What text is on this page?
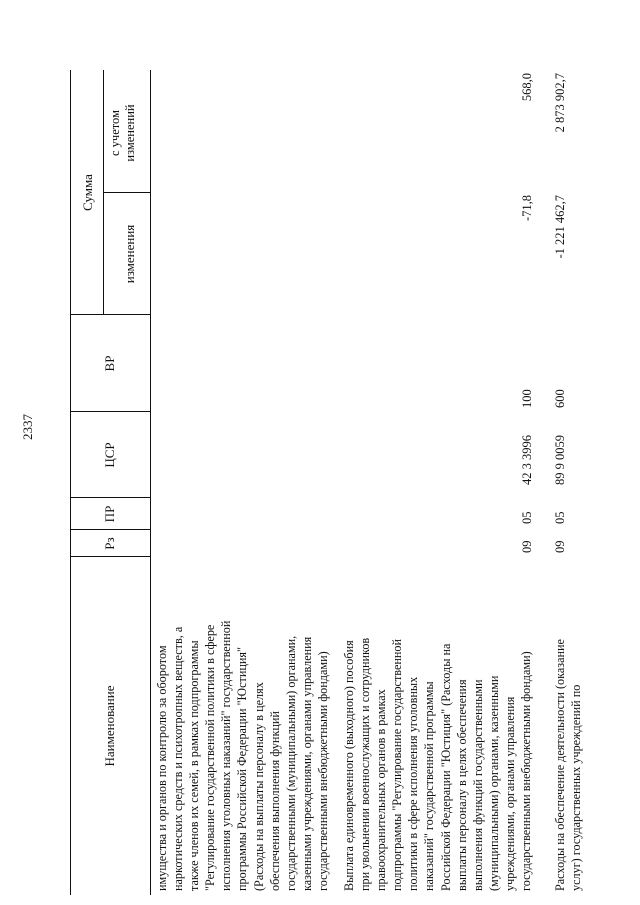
2337
Наименование
Рз
ПР
ЦСР
ВР
Сумма
изменения
с учетом изменений
имущества и органов по контролю за оборотом наркотических средств и психотропных веществ, а также членов их семей, в рамках подпрограммы "Регулирование государственной политики в сфере исполнения уголовных наказаний" государственной программы Российской Федерации "Юстиция" (Расходы на выплаты персоналу в целях обеспечения выполнения функций государственными (муниципальными) органами, казенными учреждениями, органами управления государственными внебюджетными фондами) Выплата единовременного (выходного) пособия при увольнении военнослужащих и сотрудников правоохранительных органов в рамках подпрограммы "Регулирование государственной политики в сфере исполнения уголовных наказаний" государственной программы Российской Федерации "Юстиция" (Расходы на выплаты персоналу в целях обеспечения выполнения функций государственными (муниципальными) органами, казенными учреждениями, органами управления государственными внебюджетными фондами)
09
05
42 3 3996
100
-71,8
568,0
Расходы на обеспечение деятельности (оказание услуг) государственных учреждений по
09
05
89 9 0059
600
-1 221 462,7
2 873 902,7
